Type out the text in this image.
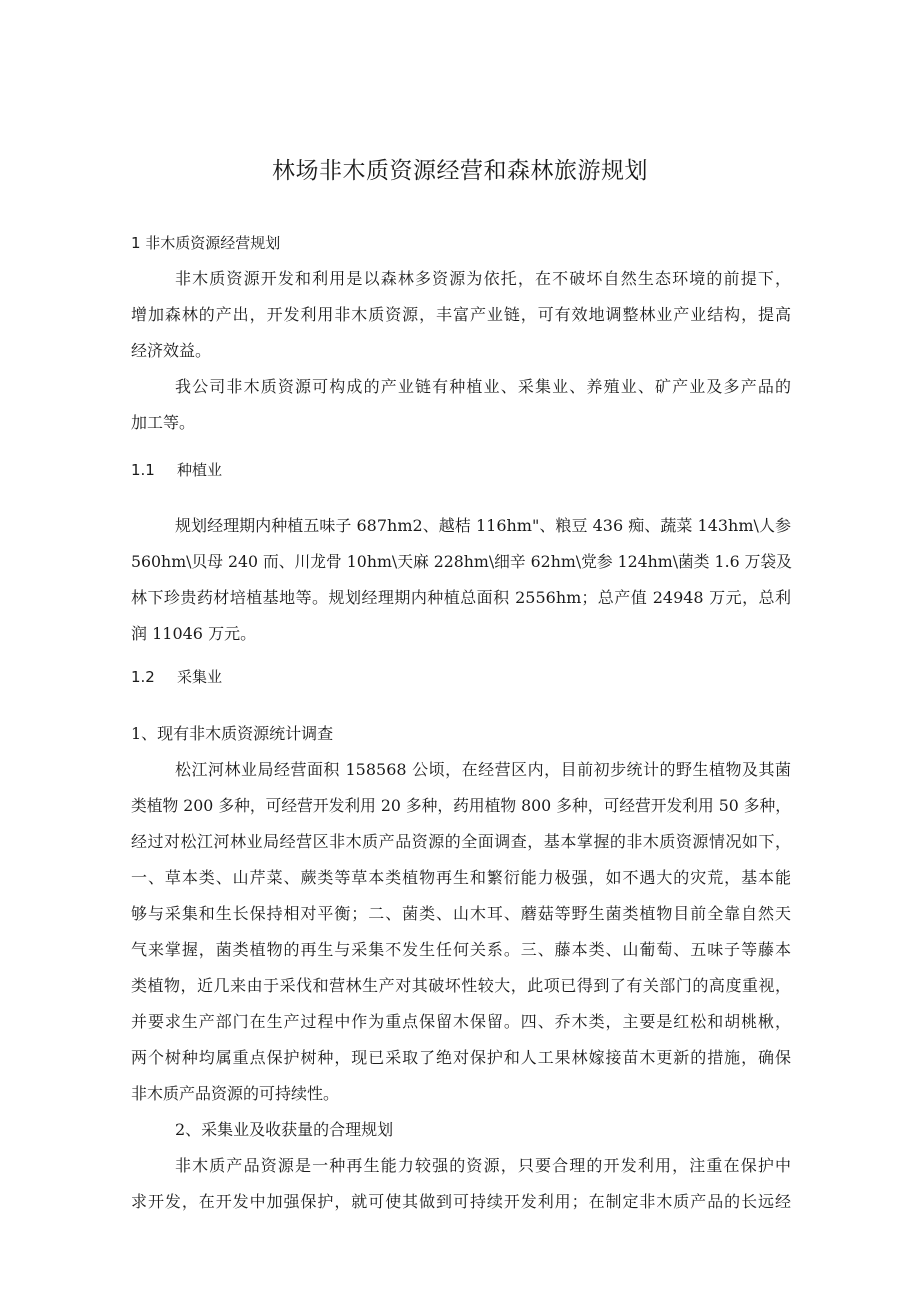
林场非木质资源经营和森林旅游规划

1 非木质资源经营规划

非木质资源开发和利用是以森林多资源为依托，在不破坏自然生态环境的前提下，

增加森林的产出，开发利用非木质资源，丰富产业链，可有效地调整林业产业结构，提高

经济效益。

我公司非木质资源可构成的产业链有种植业、采集业、养殖业、矿产业及多产品的

加工等。

1.1 种植业

规划经理期内种植五味子 687hm2、越桔 116hm"、粮豆 436 痴、蔬菜 143hm\人参

560hm\贝母 240 而、川龙骨 10hm\天麻 228hm\细辛 62hm\党参 124hm\菌类 1.6 万袋及

林下珍贵药材培植基地等。规划经理期内种植总面积 2556hm；总产值 24948 万元，总利

润 11046 万元。

1.2 采集业

1、现有非木质资源统计调查

松江河林业局经营面积 158568 公顷，在经营区内，目前初步统计的野生植物及其菌

类植物 200 多种，可经营开发利用 20 多种，药用植物 800 多种，可经营开发利用 50 多种，

经过对松江河林业局经营区非木质产品资源的全面调查，基本掌握的非木质资源情况如下，

一、草本类、山芹菜、蕨类等草本类植物再生和繁衍能力极强，如不遇大的灾荒，基本能

够与采集和生长保持相对平衡；二、菌类、山木耳、蘑菇等野生菌类植物目前全靠自然天

气来掌握，菌类植物的再生与采集不发生任何关系。三、藤本类、山葡萄、五味子等藤本

类植物，近几来由于采伐和营林生产对其破坏性较大，此项已得到了有关部门的高度重视，

并要求生产部门在生产过程中作为重点保留木保留。四、乔木类，主要是红松和胡桃楸，

两个树种均属重点保护树种，现已采取了绝对保护和人工果林嫁接苗木更新的措施，确保

非木质产品资源的可持续性。

2、采集业及收获量的合理规划

非木质产品资源是一种再生能力较强的资源，只要合理的开发利用，注重在保护中

求开发，在开发中加强保护，就可使其做到可持续开发利用；在制定非木质产品的长远经
